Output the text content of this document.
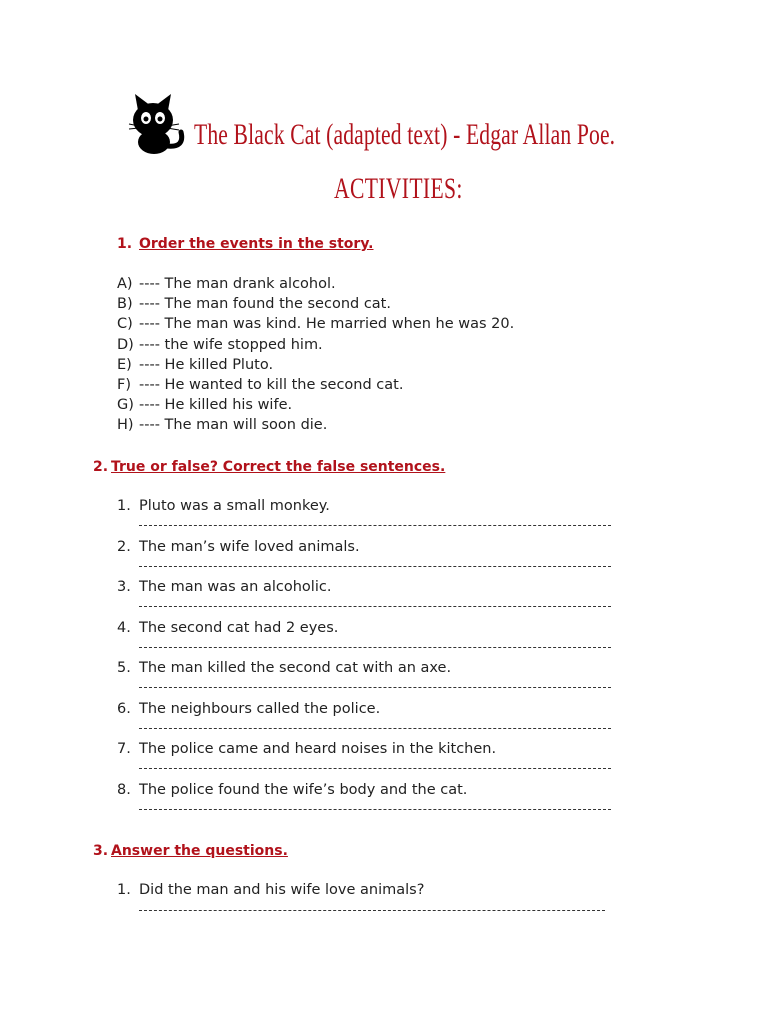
The Black Cat (adapted text) - Edgar Allan Poe.
ACTIVITIES:
1. Order the events in the story.
A) ---- The man drank alcohol.
B) ---- The man found the second cat.
C) ---- The man was kind. He married when he was 20.
D) ---- the wife stopped him.
E) ---- He killed Pluto.
F) ---- He wanted to kill the second cat.
G) ---- He killed his wife.
H) ---- The man will soon die.
2. True or false? Correct the false sentences.
1. Pluto was a small monkey.
2. The man’s wife loved animals.
3. The man was an alcoholic.
4. The second cat had 2 eyes.
5. The man killed the second cat with an axe.
6. The neighbours called the police.
7. The police came and heard noises in the kitchen.
8. The police found the wife’s body and the cat.
3. Answer the questions.
1. Did the man and his wife love animals?
